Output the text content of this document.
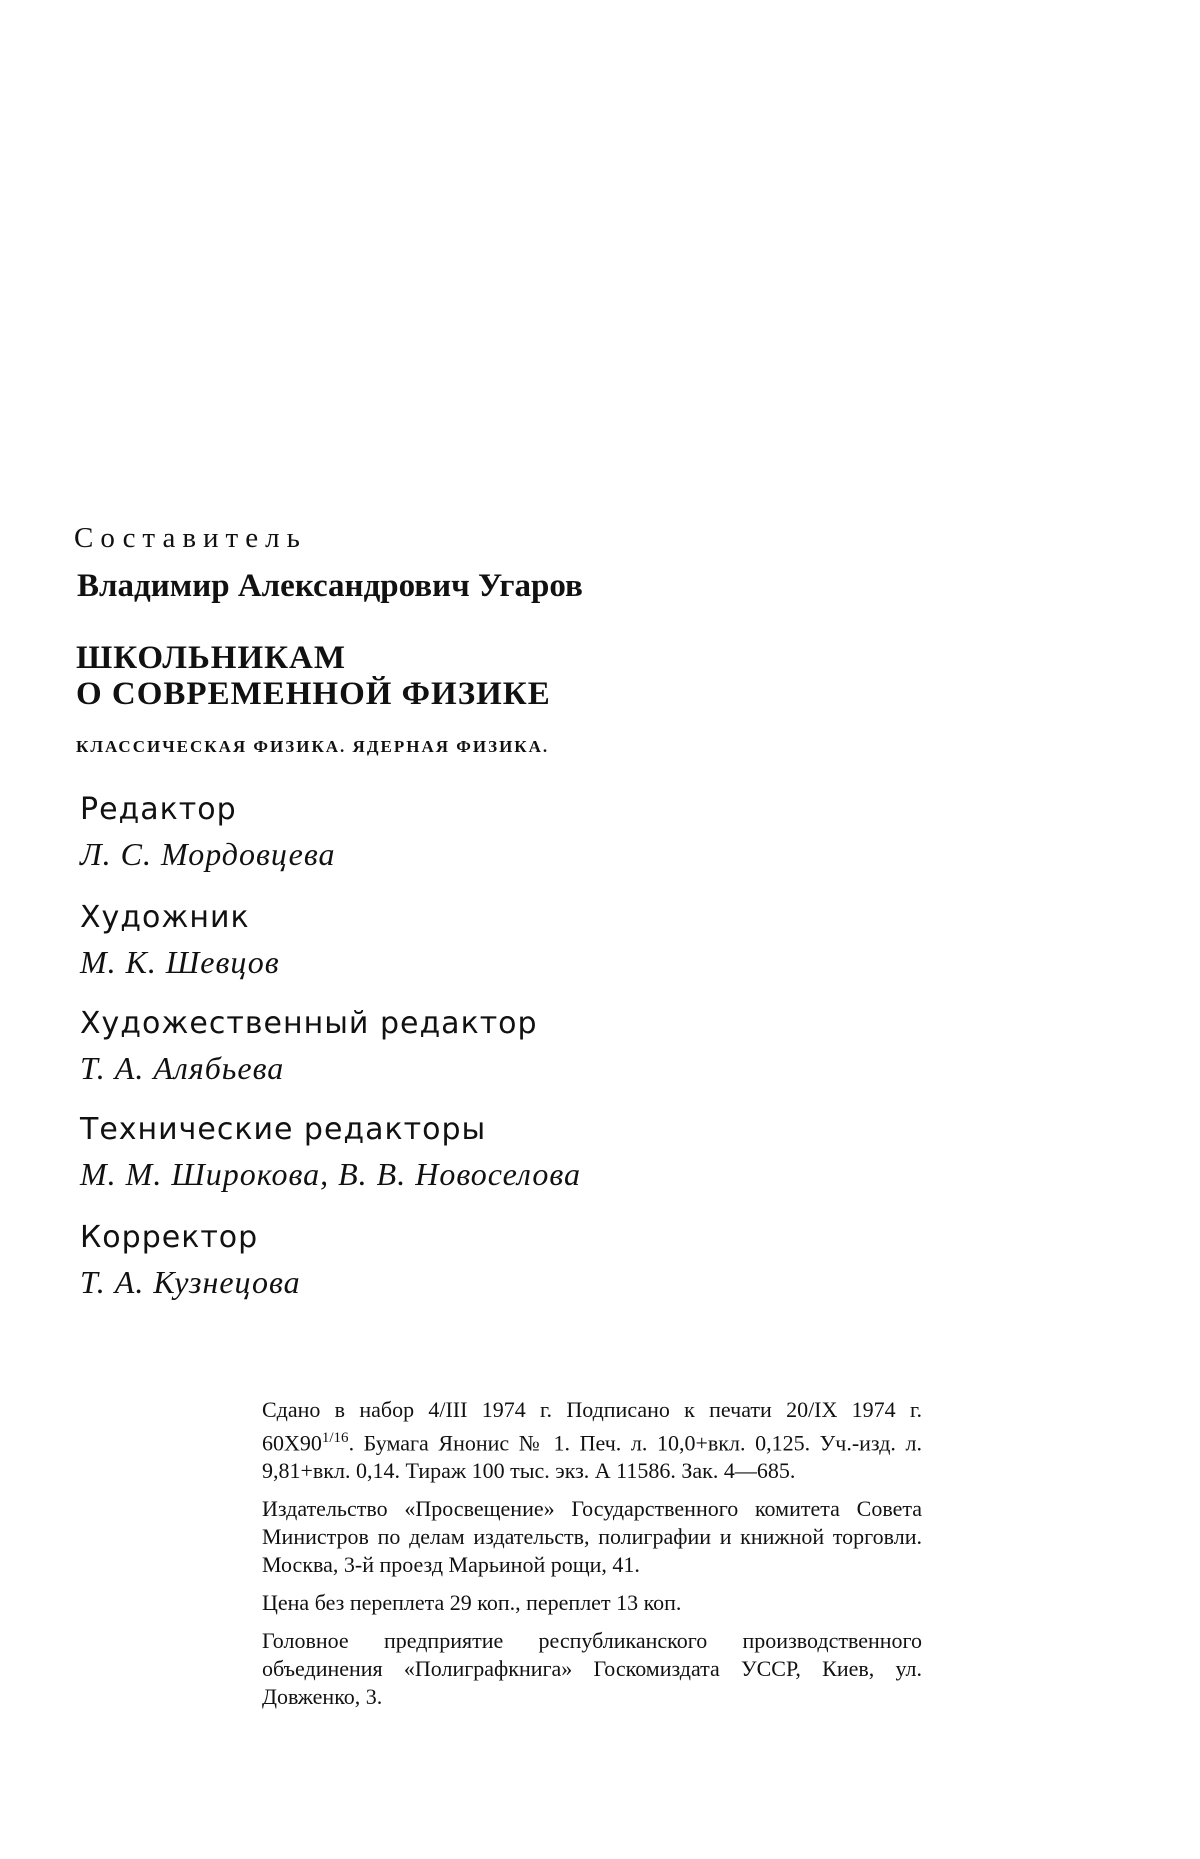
Составитель
Владимир Александрович Угаров
ШКОЛЬНИКАМ
О СОВРЕМЕННОЙ ФИЗИКЕ
КЛАССИЧЕСКАЯ ФИЗИКА. ЯДЕРНАЯ ФИЗИКА.
Редактор
Л. С. Мордовцева
Художник
М. К. Шевцов
Художественный редактор
Т. А. Алябьева
Технические редакторы
М. М. Широкова, В. В. Новоселова
Корректор
Т. А. Кузнецова

Сдано в набор 4/III 1974 г. Подписано к печати 20/IX 1974 г. $60X90^{1/16}$. Бумага Янонис № 1. Печ. л. 10,0+вкл. 0,125. Уч.-изд. л. 9,81+вкл. 0,14. Тираж 100 тыс. экз. А 11586. Зак. 4—685.

Издательство «Просвещение» Государственного комитета Совета Министров по делам издательств, полиграфии и книжной торговли. Москва, 3-й проезд Марьиной рощи, 41.

Цена без переплета 29 коп., переплет 13 коп.

Головное предприятие республиканского производственного объединения «Полиграфкнига» Госкомиздата УССР, Киев, ул. Довженко, 3.
